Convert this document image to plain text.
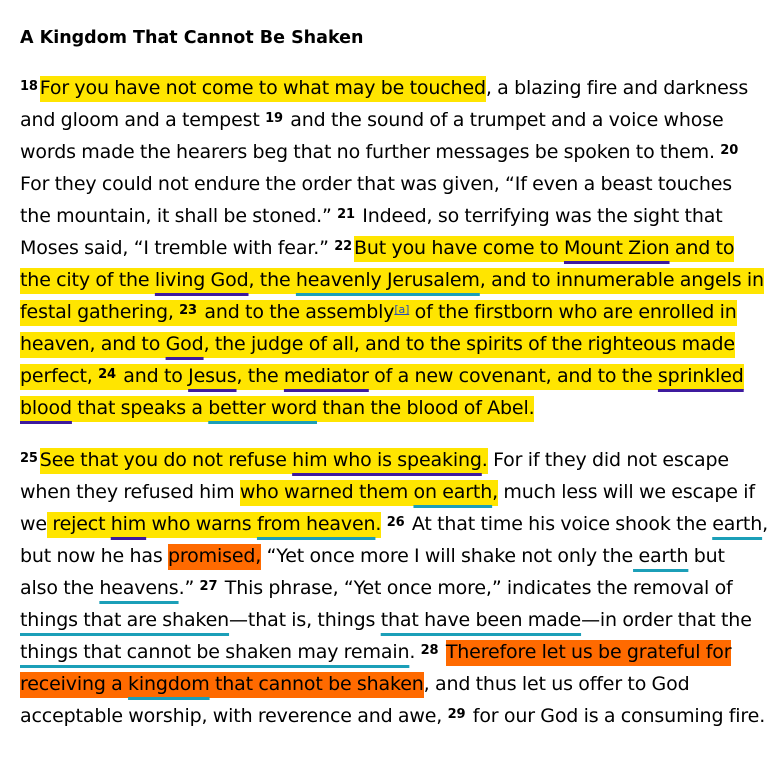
A Kingdom That Cannot Be Shaken

$^{18}$ For you have not come to what may be touched, a blazing fire and darkness and gloom and a tempest $^{19}$ and the sound of a trumpet and a voice whose words made the hearers beg that no further messages be spoken to them. $^{20}$ For they could not endure the order that was given, “If even a beast touches the mountain, it shall be stoned.” $^{21}$ Indeed, so terrifying was the sight that Moses said, “I tremble with fear.” $^{22}$ But you have come to Mount Zion and to the city of the living God, the heavenly Jerusalem, and to innumerable angels in festal gathering, $^{23}$ and to the assembly[a] of the firstborn who are enrolled in heaven, and to God, the judge of all, and to the spirits of the righteous made perfect, $^{24}$ and to Jesus, the mediator of a new covenant, and to the sprinkled blood that speaks a better word than the blood of Abel.

$^{25}$ See that you do not refuse him who is speaking. For if they did not escape when they refused him who warned them on earth, much less will we escape if we reject him who warns from heaven. $^{26}$ At that time his voice shook the earth, but now he has promised, “Yet once more I will shake not only the earth but also the heavens.” $^{27}$ This phrase, “Yet once more,” indicates the removal of things that are shaken—that is, things that have been made—in order that the things that cannot be shaken may remain. $^{28}$ Therefore let us be grateful for receiving a kingdom that cannot be shaken, and thus let us offer to God acceptable worship, with reverence and awe, $^{29}$ for our God is a consuming fire.
